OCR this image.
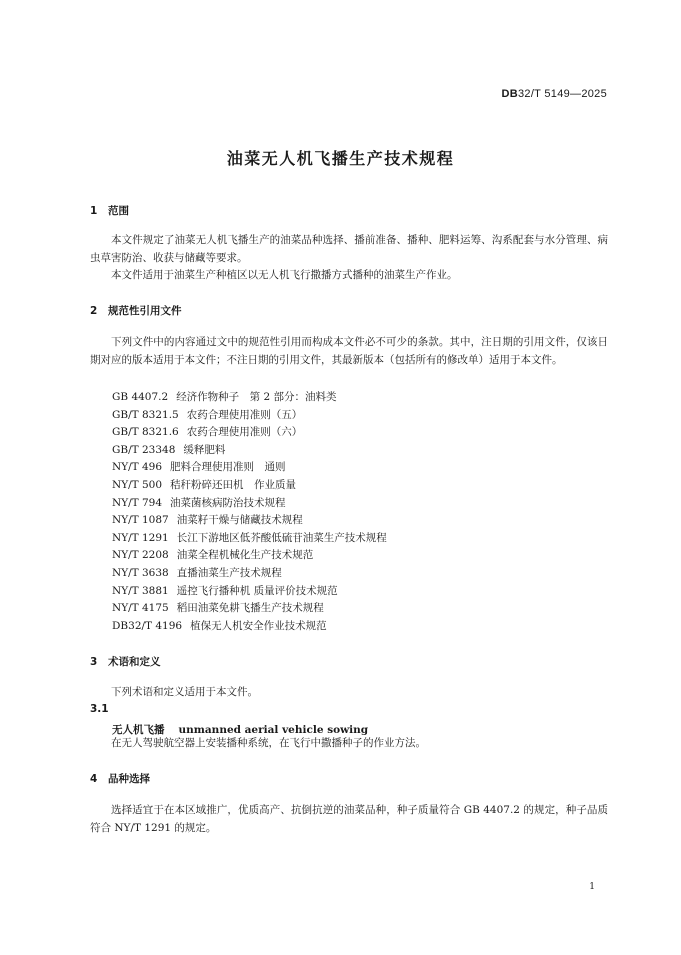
DB32/T 5149—2025
油菜无人机飞播生产技术规程
1 范围
本文件规定了油菜无人机飞播生产的油菜品种选择、播前准备、播种、肥料运筹、沟系配套与水分管理、病虫草害防治、收获与储藏等要求。
本文件适用于油菜生产种植区以无人机飞行撒播方式播种的油菜生产作业。
2 规范性引用文件
下列文件中的内容通过文中的规范性引用而构成本文件必不可少的条款。其中，注日期的引用文件，仅该日期对应的版本适用于本文件；不注日期的引用文件，其最新版本（包括所有的修改单）适用于本文件。
GB 4407.2 经济作物种子　第 2 部分：油料类
GB/T 8321.5 农药合理使用准则（五）
GB/T 8321.6 农药合理使用准则（六）
GB/T 23348 缓释肥料
NY/T 496 肥料合理使用准则　通则
NY/T 500 秸秆粉碎还田机　作业质量
NY/T 794 油菜菌核病防治技术规程
NY/T 1087 油菜籽干燥与储藏技术规程
NY/T 1291 长江下游地区低芥酸低硫苷油菜生产技术规程
NY/T 2208 油菜全程机械化生产技术规范
NY/T 3638 直播油菜生产技术规程
NY/T 3881 遥控飞行播种机 质量评价技术规范
NY/T 4175 稻田油菜免耕飞播生产技术规程
DB32/T 4196 植保无人机安全作业技术规范
3 术语和定义
下列术语和定义适用于本文件。
3.1
无人机飞播 unmanned aerial vehicle sowing
在无人驾驶航空器上安装播种系统，在飞行中撒播种子的作业方法。
4 品种选择
选择适宜于在本区域推广，优质高产、抗倒抗逆的油菜品种，种子质量符合 GB 4407.2 的规定，种子品质符合 NY/T 1291 的规定。
1
